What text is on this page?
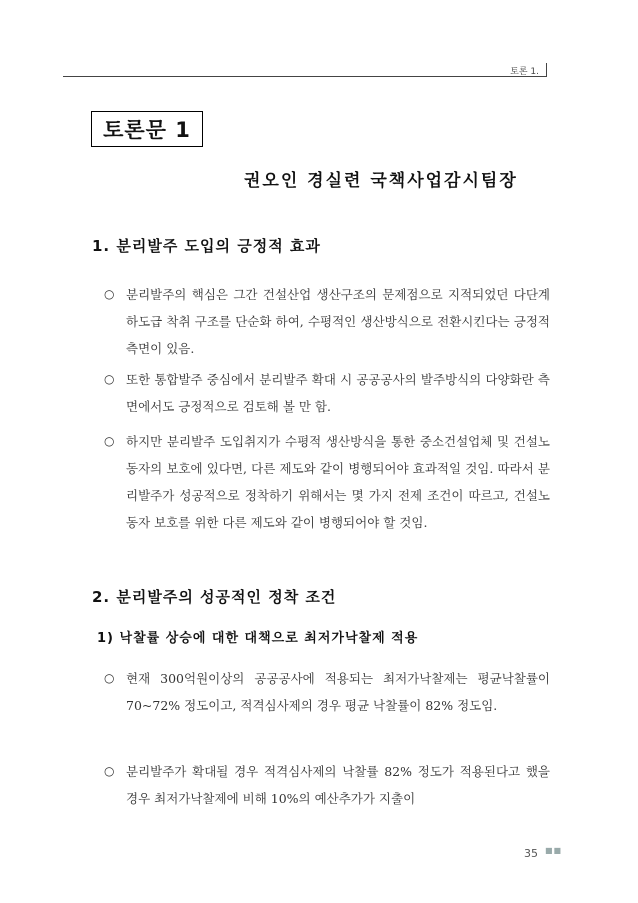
토론 1.
토론문 1
권오인 경실련 국책사업감시팀장
1. 분리발주 도입의 긍정적 효과
○ 분리발주의 핵심은 그간 건설산업 생산구조의 문제점으로 지적되었던 다단계 하도급 착취 구조를 단순화 하여, 수평적인 생산방식으로 전환시킨다는 긍정적 측면이 있음.
○ 또한 통합발주 중심에서 분리발주 확대 시 공공공사의 발주방식의 다양화란 측면에서도 긍정적으로 검토해 볼 만 함.
○ 하지만 분리발주 도입취지가 수평적 생산방식을 통한 중소건설업체 및 건설노동자의 보호에 있다면, 다른 제도와 같이 병행되어야 효과적일 것임. 따라서 분리발주가 성공적으로 정착하기 위해서는 몇 가지 전제 조건이 따르고, 건설노동자 보호를 위한 다른 제도와 같이 병행되어야 할 것임.
2. 분리발주의 성공적인 정착 조건
1) 낙찰률 상승에 대한 대책으로 최저가낙찰제 적용
○ 현재 300억원이상의 공공공사에 적용되는 최저가낙찰제는 평균낙찰률이 70~72% 정도이고, 적격심사제의 경우 평균 낙찰률이 82% 정도임.
○ 분리발주가 확대될 경우 적격심사제의 낙찰률 82% 정도가 적용된다고 했을 경우 최저가낙찰제에 비해 10%의 예산추가가 지출이
35 ■■
